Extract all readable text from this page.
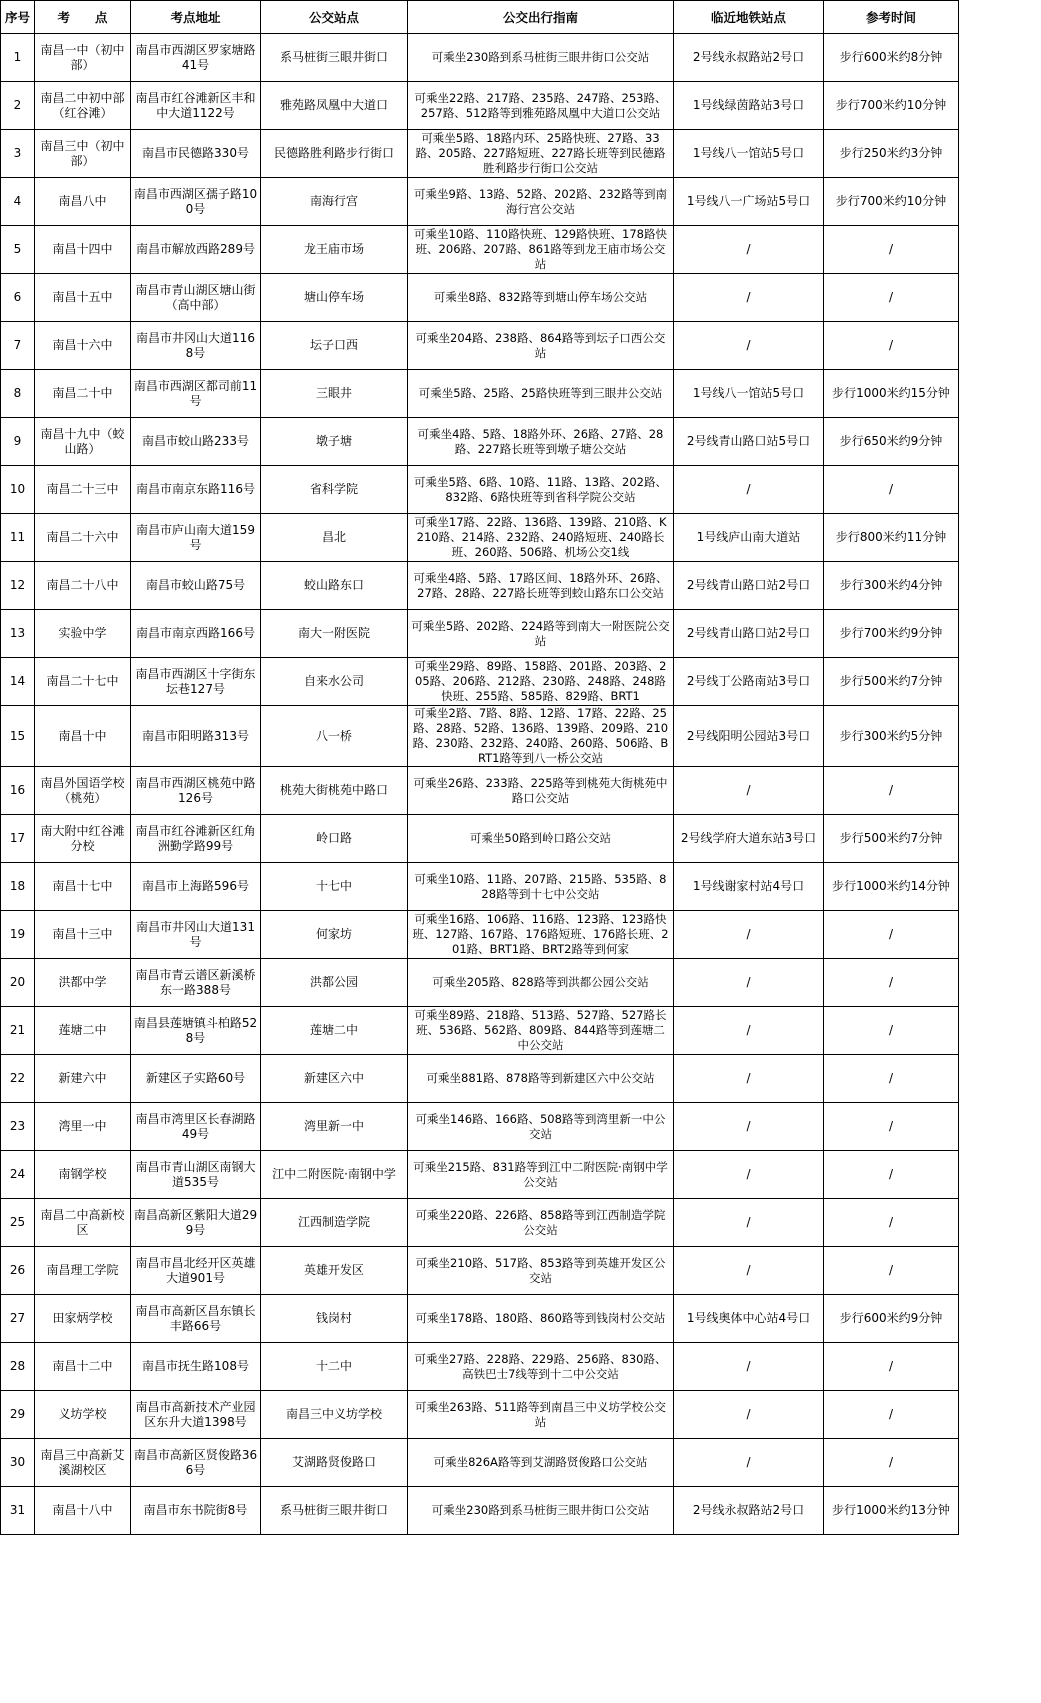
序号	考　　点	考点地址	公交站点	公交出行指南	临近地铁站点	参考时间
1	南昌一中（初中部）	南昌市西湖区罗家塘路41号	系马桩街三眼井街口	可乘坐230路到系马桩街三眼井街口公交站	2号线永叔路站2号口	步行600米约8分钟
2	南昌二中初中部（红谷滩）	南昌市红谷滩新区丰和中大道1122号	雅苑路凤凰中大道口	可乘坐22路、217路、235路、247路、253路、257路、512路等到雅苑路凤凰中大道口公交站	1号线绿茵路站3号口	步行700米约10分钟
3	南昌三中（初中部）	南昌市民德路330号	民德路胜利路步行街口	可乘坐5路、18路内环、25路快班、27路、33路、205路、227路短班、227路长班等到民德路胜利路步行街口公交站	1号线八一馆站5号口	步行250米约3分钟
4	南昌八中	南昌市西湖区孺子路100号	南海行宫	可乘坐9路、13路、52路、202路、232路等到南海行宫公交站	1号线八一广场站5号口	步行700米约10分钟
5	南昌十四中	南昌市解放西路289号	龙王庙市场	可乘坐10路、110路快班、129路快班、178路快班、206路、207路、861路等到龙王庙市场公交站	/	/
6	南昌十五中	南昌市青山湖区塘山街（高中部）	塘山停车场	可乘坐8路、832路等到塘山停车场公交站	/	/
7	南昌十六中	南昌市井冈山大道1168号	坛子口西	可乘坐204路、238路、864路等到坛子口西公交站	/	/
8	南昌二十中	南昌市西湖区都司前11号	三眼井	可乘坐5路、25路、25路快班等到三眼井公交站	1号线八一馆站5号口	步行1000米约15分钟
9	南昌十九中（蛟山路）	南昌市蛟山路233号	墩子塘	可乘坐4路、5路、18路外环、26路、27路、28路、227路长班等到墩子塘公交站	2号线青山路口站5号口	步行650米约9分钟
10	南昌二十三中	南昌市南京东路116号	省科学院	可乘坐5路、6路、10路、11路、13路、202路、832路、6路快班等到省科学院公交站	/	/
11	南昌二十六中	南昌市庐山南大道159号	昌北	可乘坐17路、22路、136路、139路、210路、K210路、214路、232路、240路短班、240路长班、260路、506路、机场公交1线	1号线庐山南大道站	步行800米约11分钟
12	南昌二十八中	南昌市蛟山路75号	蛟山路东口	可乘坐4路、5路、17路区间、18路外环、26路、27路、28路、227路长班等到蛟山路东口公交站	2号线青山路口站2号口	步行300米约4分钟
13	实验中学	南昌市南京西路166号	南大一附医院	可乘坐5路、202路、224路等到南大一附医院公交站	2号线青山路口站2号口	步行700米约9分钟
14	南昌二十七中	南昌市西湖区十字街东坛巷127号	自来水公司	可乘坐29路、89路、158路、201路、203路、205路、206路、212路、230路、248路、248路快班、255路、585路、829路、BRT1	2号线丁公路南站3号口	步行500米约7分钟
15	南昌十中	南昌市阳明路313号	八一桥	可乘坐2路、7路、8路、12路、17路、22路、25路、28路、52路、136路、139路、209路、210路、230路、232路、240路、260路、506路、BRT1路等到八一桥公交站	2号线阳明公园站3号口	步行300米约5分钟
16	南昌外国语学校（桃苑）	南昌市西湖区桃苑中路126号	桃苑大街桃苑中路口	可乘坐26路、233路、225路等到桃苑大街桃苑中路口公交站	/	/
17	南大附中红谷滩分校	南昌市红谷滩新区红角洲勤学路99号	岭口路	可乘坐50路到岭口路公交站	2号线学府大道东站3号口	步行500米约7分钟
18	南昌十七中	南昌市上海路596号	十七中	可乘坐10路、11路、207路、215路、535路、828路等到十七中公交站	1号线谢家村站4号口	步行1000米约14分钟
19	南昌十三中	南昌市井冈山大道131号	何家坊	可乘坐16路、106路、116路、123路、123路快班、127路、167路、176路短班、176路长班、201路、BRT1路、BRT2路等到何家	/	/
20	洪都中学	南昌市青云谱区新溪桥东一路388号	洪都公园	可乘坐205路、828路等到洪都公园公交站	/	/
21	莲塘二中	南昌县莲塘镇斗柏路528号	莲塘二中	可乘坐89路、218路、513路、527路、527路长班、536路、562路、809路、844路等到莲塘二中公交站	/	/
22	新建六中	新建区子实路60号	新建区六中	可乘坐881路、878路等到新建区六中公交站	/	/
23	湾里一中	南昌市湾里区长春湖路49号	湾里新一中	可乘坐146路、166路、508路等到湾里新一中公交站	/	/
24	南钢学校	南昌市青山湖区南钢大道535号	江中二附医院·南钢中学	可乘坐215路、831路等到江中二附医院·南钢中学公交站	/	/
25	南昌二中高新校区	南昌高新区紫阳大道299号	江西制造学院	可乘坐220路、226路、858路等到江西制造学院公交站	/	/
26	南昌理工学院	南昌市昌北经开区英雄大道901号	英雄开发区	可乘坐210路、517路、853路等到英雄开发区公交站	/	/
27	田家炳学校	南昌市高新区昌东镇长丰路66号	钱岗村	可乘坐178路、180路、860路等到钱岗村公交站	1号线奥体中心站4号口	步行600米约9分钟
28	南昌十二中	南昌市抚生路108号	十二中	可乘坐27路、228路、229路、256路、830路、高铁巴士7线等到十二中公交站	/	/
29	义坊学校	南昌市高新技术产业园区东升大道1398号	南昌三中义坊学校	可乘坐263路、511路等到南昌三中义坊学校公交站	/	/
30	南昌三中高新艾溪湖校区	南昌市高新区贤俊路366号	艾湖路贤俊路口	可乘坐826A路等到艾湖路贤俊路口公交站	/	/
31	南昌十八中	南昌市东书院街8号	系马桩街三眼井街口	可乘坐230路到系马桩街三眼井街口公交站	2号线永叔路站2号口	步行1000米约13分钟
